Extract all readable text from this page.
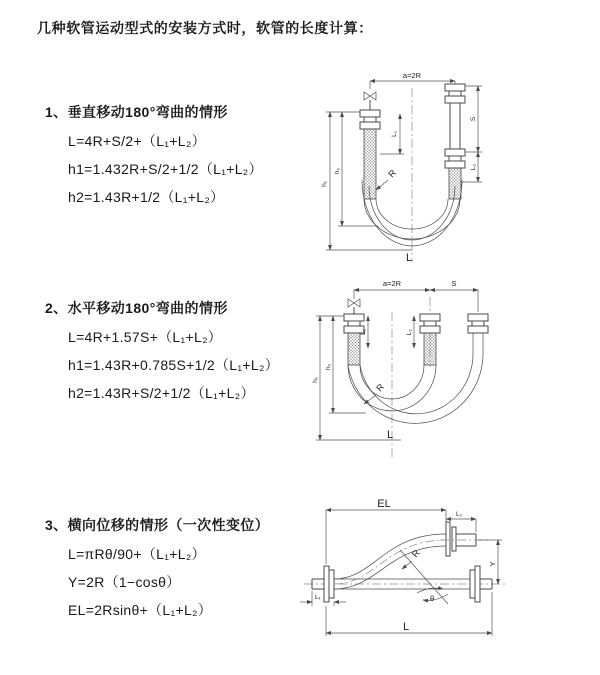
几种软管运动型式的安装方式时，软管的长度计算：
1、垂直移动180°弯曲的情形
L=4R+S/2+（L₁+L₂）
h1=1.432R+S/2+1/2（L₁+L₂）
h2=1.43R+1/2（L₁+L₂）
2、水平移动180°弯曲的情形
L=4R+1.57S+（L₁+L₂）
h1=1.43R+0.785S+1/2（L₁+L₂）
h2=1.43R+S/2+1/2（L₁+L₂）
3、横向位移的情形（一次性变位）
L=πRθ/90+（L₁+L₂）
Y=2R（1−cosθ）
EL=2Rsinθ+（L₁+L₂）
a=2R
h₁
h₂
L₁
S
L₂
R
L
a=2R	S
h₁
h₂
L₁	L₂
R
L
EL
L₂
θ
R
Y
L₁
L
